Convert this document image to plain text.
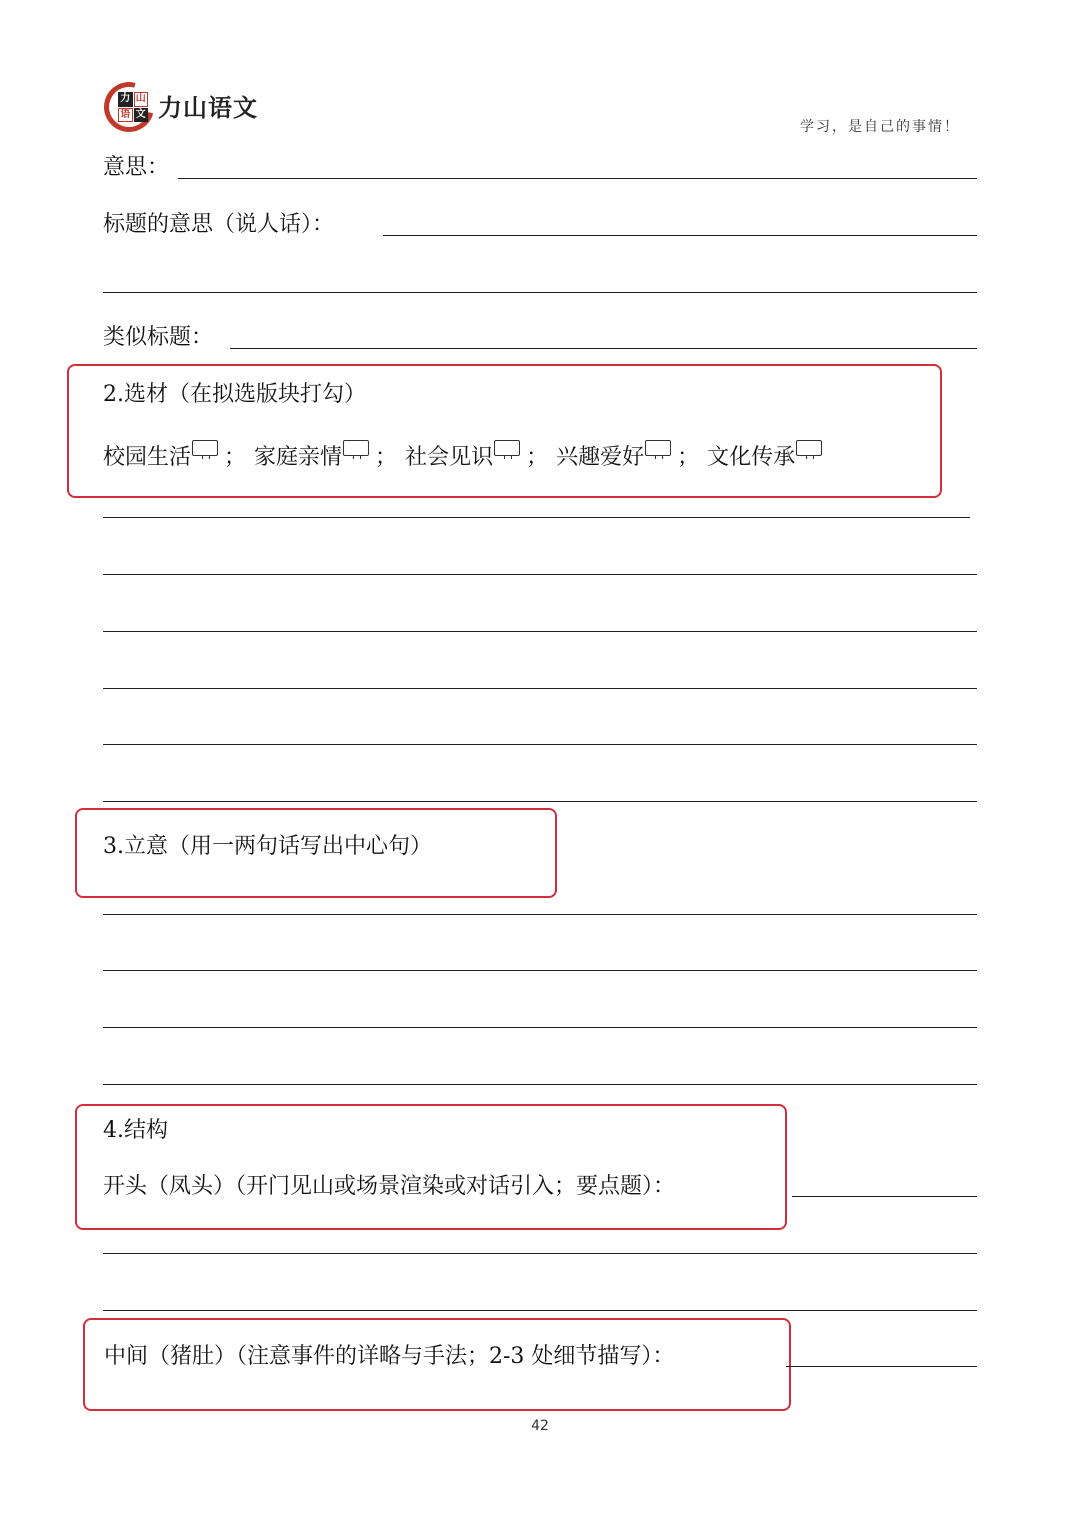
力 山
语 文 力山语文
学习，是自己的事情！
意思：
标题的意思（说人话）：
类似标题：
2.选材（在拟选版块打勾）
校园生活 ； 家庭亲情 ； 社会见识 ； 兴趣爱好 ； 文化传承
3.立意（用一两句话写出中心句）
4.结构
开头（凤头）（开门见山或场景渲染或对话引入；要点题）：
中间（猪肚）（注意事件的详略与手法；2-3 处细节描写）：
42
